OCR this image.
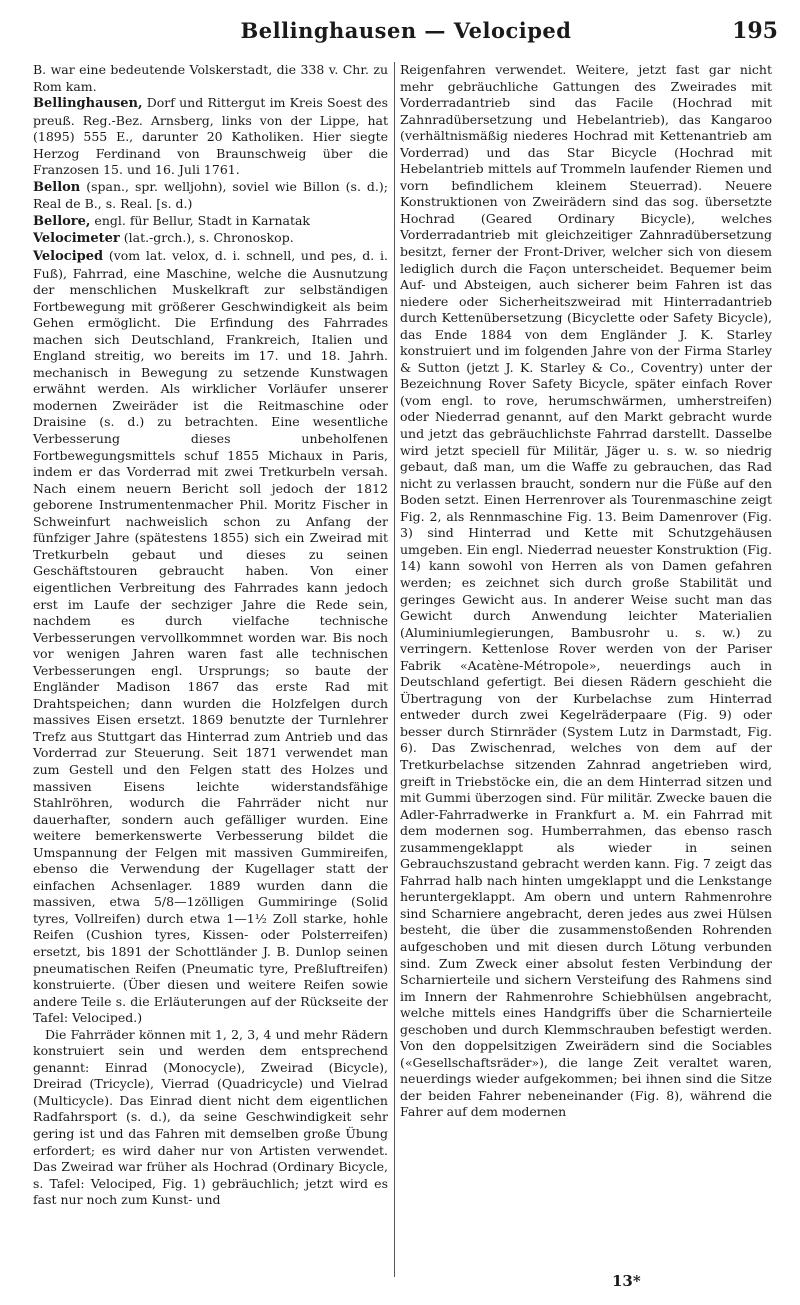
Bellinghausen — Velociped	195

B. war eine bedeutende Volskerstadt, die 338 v. Chr. zu Rom kam.

Bellinghausen, Dorf und Rittergut im Kreis Soest des preuß. Reg.-Bez. Arnsberg, links von der Lippe, hat (1895) 555 E., darunter 20 Katholiken. Hier siegte Herzog Ferdinand von Braunschweig über die Franzosen 15. und 16. Juli 1761.

Bellon (span., spr. welljohn), soviel wie Billon (s. d.); Real de B., s. Real. [s. d.)

Bellore, engl. für Bellur, Stadt in Karnatak

Velocimeter (lat.-grch.), s. Chronoskop.

Velociped (vom lat. velox, d. i. schnell, und pes, d. i. Fuß), Fahrrad, eine Maschine, welche die Ausnutzung der menschlichen Muskelkraft zur selbständigen Fortbewegung mit größerer Geschwindigkeit als beim Gehen ermöglicht. Die Erfindung des Fahrrades machen sich Deutschland, Frankreich, Italien und England streitig, wo bereits im 17. und 18. Jahrh. mechanisch in Bewegung zu setzende Kunstwagen erwähnt werden. Als wirklicher Vorläufer unserer modernen Zweiräder ist die Reitmaschine oder Draisine (s. d.) zu betrachten. Eine wesentliche Verbesserung dieses unbeholfenen Fortbewegungsmittels schuf 1855 Michaux in Paris, indem er das Vorderrad mit zwei Tretkurbeln versah. Nach einem neuern Bericht soll jedoch der 1812 geborene Instrumentenmacher Phil. Moritz Fischer in Schweinfurt nachweislich schon zu Anfang der fünfziger Jahre (spätestens 1855) sich ein Zweirad mit Tretkurbeln gebaut und dieses zu seinen Geschäftstouren gebraucht haben. Von einer eigentlichen Verbreitung des Fahrrades kann jedoch erst im Laufe der sechziger Jahre die Rede sein, nachdem es durch vielfache technische Verbesserungen vervollkommnet worden war. Bis noch vor wenigen Jahren waren fast alle technischen Verbesserungen engl. Ursprungs; so baute der Engländer Madison 1867 das erste Rad mit Drahtspeichen; dann wurden die Holzfelgen durch massives Eisen ersetzt. 1869 benutzte der Turnlehrer Trefz aus Stuttgart das Hinterrad zum Antrieb und das Vorderrad zur Steuerung. Seit 1871 verwendet man zum Gestell und den Felgen statt des Holzes und massiven Eisens leichte widerstandsfähige Stahlröhren, wodurch die Fahrräder nicht nur dauerhafter, sondern auch gefälliger wurden. Eine weitere bemerkenswerte Verbesserung bildet die Umspannung der Felgen mit massiven Gummireifen, ebenso die Verwendung der Kugellager statt der einfachen Achsenlager. 1889 wurden dann die massiven, etwa 5/8—1zölligen Gummiringe (Solid tyres, Vollreifen) durch etwa 1—1½ Zoll starke, hohle Reifen (Cushion tyres, Kissen- oder Polsterreifen) ersetzt, bis 1891 der Schottländer J. B. Dunlop seinen pneumatischen Reifen (Pneumatic tyre, Preßluftreifen) konstruierte. (Über diesen und weitere Reifen sowie andere Teile s. die Erläuterungen auf der Rückseite der Tafel: Velociped.)

Die Fahrräder können mit 1, 2, 3, 4 und mehr Rädern konstruiert sein und werden dem entsprechend genannt: Einrad (Monocycle), Zweirad (Bicycle), Dreirad (Tricycle), Vierrad (Quadricycle) und Vielrad (Multicycle). Das Einrad dient nicht dem eigentlichen Radfahrsport (s. d.), da seine Geschwindigkeit sehr gering ist und das Fahren mit demselben große Übung erfordert; es wird daher nur von Artisten verwendet. Das Zweirad war früher als Hochrad (Ordinary Bicycle, s. Tafel: Velociped, Fig. 1) gebräuchlich; jetzt wird es fast nur noch zum Kunst- und

Reigenfahren verwendet. Weitere, jetzt fast gar nicht mehr gebräuchliche Gattungen des Zweirades mit Vorderradantrieb sind das Facile (Hochrad mit Zahnradübersetzung und Hebelantrieb), das Kangaroo (verhältnismäßig niederes Hochrad mit Kettenantrieb am Vorderrad) und das Star Bicycle (Hochrad mit Hebelantrieb mittels auf Trommeln laufender Riemen und vorn befindlichem kleinem Steuerrad). Neuere Konstruktionen von Zweirädern sind das sog. übersetzte Hochrad (Geared Ordinary Bicycle), welches Vorderradantrieb mit gleichzeitiger Zahnradübersetzung besitzt, ferner der Front-Driver, welcher sich von diesem lediglich durch die Façon unterscheidet. Bequemer beim Auf- und Absteigen, auch sicherer beim Fahren ist das niedere oder Sicherheitszweirad mit Hinterradantrieb durch Kettenübersetzung (Bicyclette oder Safety Bicycle), das Ende 1884 von dem Engländer J. K. Starley konstruiert und im folgenden Jahre von der Firma Starley & Sutton (jetzt J. K. Starley & Co., Coventry) unter der Bezeichnung Rover Safety Bicycle, später einfach Rover (vom engl. to rove, herumschwärmen, umherstreifen) oder Niederrad genannt, auf den Markt gebracht wurde und jetzt das gebräuchlichste Fahrrad darstellt. Dasselbe wird jetzt speciell für Militär, Jäger u. s. w. so niedrig gebaut, daß man, um die Waffe zu gebrauchen, das Rad nicht zu verlassen braucht, sondern nur die Füße auf den Boden setzt. Einen Herrenrover als Tourenmaschine zeigt Fig. 2, als Rennmaschine Fig. 13. Beim Damenrover (Fig. 3) sind Hinterrad und Kette mit Schutzgehäusen umgeben. Ein engl. Niederrad neuester Konstruktion (Fig. 14) kann sowohl von Herren als von Damen gefahren werden; es zeichnet sich durch große Stabilität und geringes Gewicht aus. In anderer Weise sucht man das Gewicht durch Anwendung leichter Materialien (Aluminiumlegierungen, Bambusrohr u. s. w.) zu verringern. Kettenlose Rover werden von der Pariser Fabrik «Acatène-Métropole», neuerdings auch in Deutschland gefertigt. Bei diesen Rädern geschieht die Übertragung von der Kurbelachse zum Hinterrad entweder durch zwei Kegelräderpaare (Fig. 9) oder besser durch Stirnräder (System Lutz in Darmstadt, Fig. 6). Das Zwischenrad, welches von dem auf der Tretkurbelachse sitzenden Zahnrad angetrieben wird, greift in Triebstöcke ein, die an dem Hinterrad sitzen und mit Gummi überzogen sind. Für militär. Zwecke bauen die Adler-Fahrradwerke in Frankfurt a. M. ein Fahrrad mit dem modernen sog. Humberrahmen, das ebenso rasch zusammengeklappt als wieder in seinen Gebrauchszustand gebracht werden kann. Fig. 7 zeigt das Fahrrad halb nach hinten umgeklappt und die Lenkstange heruntergeklappt. Am obern und untern Rahmenrohre sind Scharniere angebracht, deren jedes aus zwei Hülsen besteht, die über die zusammenstoßenden Rohrenden aufgeschoben und mit diesen durch Lötung verbunden sind. Zum Zweck einer absolut festen Verbindung der Scharnierteile und sichern Versteifung des Rahmens sind im Innern der Rahmenrohre Schiebhülsen angebracht, welche mittels eines Handgriffs über die Scharnierteile geschoben und durch Klemmschrauben befestigt werden. Von den doppelsitzigen Zweirädern sind die Sociables («Gesellschaftsräder»), die lange Zeit veraltet waren, neuerdings wieder aufgekommen; bei ihnen sind die Sitze der beiden Fahrer nebeneinander (Fig. 8), während die Fahrer auf dem modernen

13*
